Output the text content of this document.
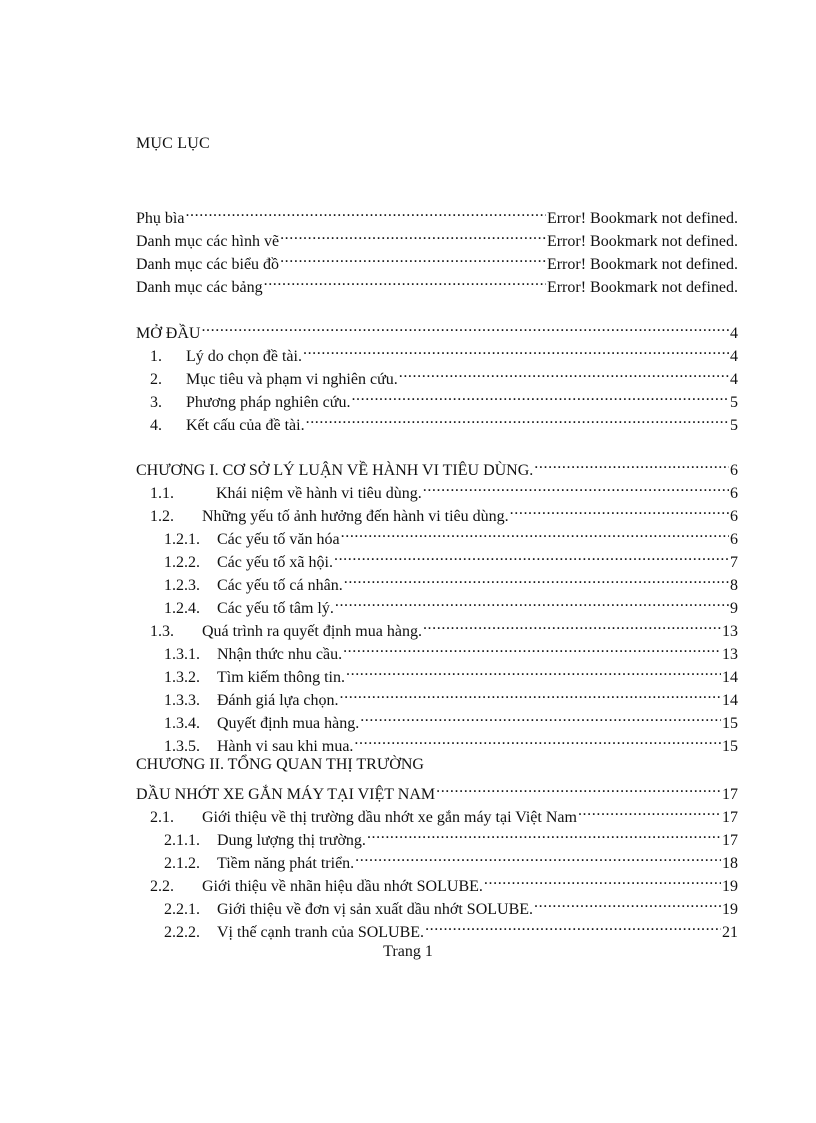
MỤC LỤC
Phụ bìa .....	Error! Bookmark not defined.
Danh mục các hình vẽ .....	Error! Bookmark not defined.
Danh mục các biểu đồ .....	Error! Bookmark not defined.
Danh mục các bảng .....	Error! Bookmark not defined.
MỞ ĐẦU .....	4
1.	Lý do chọn đề tài. .....	4
2.	Mục tiêu và phạm vi nghiên cứu. .....	4
3.	Phương pháp nghiên cứu. .....	5
4.	Kết cấu của đề tài. .....	5
CHƯƠNG I. CƠ SỞ LÝ LUẬN VỀ HÀNH VI TIÊU DÙNG. .....	6
1.1.	Khái niệm về hành vi tiêu dùng. .....	6
1.2.	Những yếu tố ảnh hưởng đến hành vi tiêu dùng. .....	6
1.2.1.	Các yếu tố văn hóa .....	6
1.2.2.	Các yếu tố xã hội. .....	7
1.2.3.	Các yếu tố cá nhân. .....	8
1.2.4.	Các yếu tố tâm lý. .....	9
1.3.	Quá trình ra quyết định mua hàng. .....	13
1.3.1.	Nhận thức nhu cầu. .....	13
1.3.2.	Tìm kiếm thông tin. .....	14
1.3.3.	Đánh giá lựa chọn. .....	14
1.3.4.	Quyết định mua hàng. .....	15
1.3.5.	Hành vi sau khi mua. .....	15
CHƯƠNG II. TỔNG QUAN THỊ TRƯỜNG
DẦU NHỚT XE GẮN MÁY TẠI VIỆT NAM .....	17
2.1.	Giới thiệu về thị trường dầu nhớt xe gắn máy tại Việt Nam .....	17
2.1.1.	Dung lượng thị trường. .....	17
2.1.2.	Tiềm năng phát triển. .....	18
2.2.	Giới thiệu về nhãn hiệu dầu nhớt SOLUBE. .....	19
2.2.1.	Giới thiệu về đơn vị sản xuất dầu nhớt SOLUBE. .....	19
2.2.2.	Vị thế cạnh tranh của SOLUBE. .....	21
Trang 1
